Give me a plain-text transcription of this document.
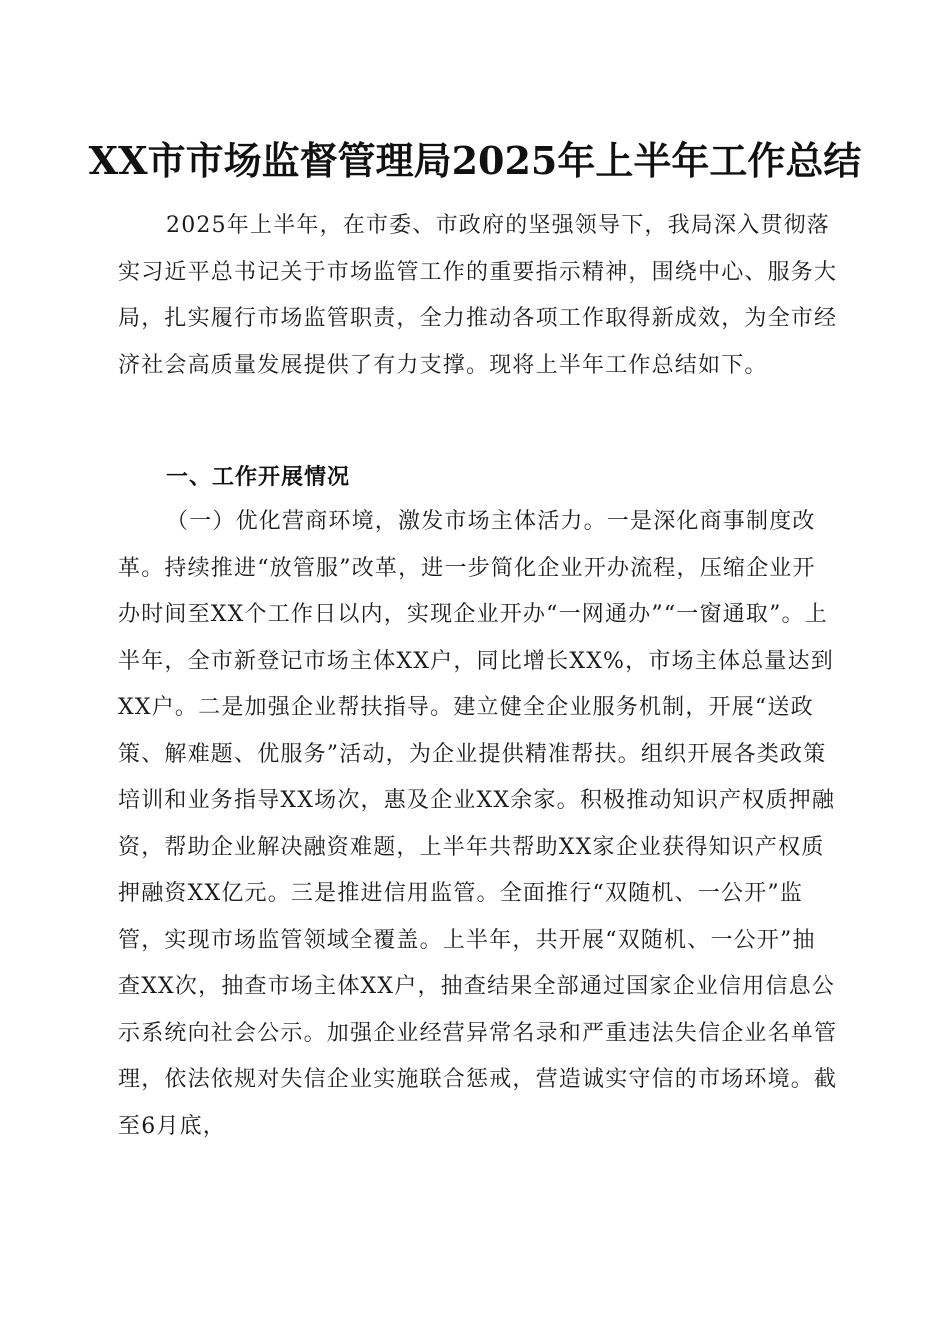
XX市市场监督管理局2025年上半年工作总结

2025年上半年，在市委、市政府的坚强领导下，我局深入贯彻落实习近平总书记关于市场监管工作的重要指示精神，围绕中心、服务大局，扎实履行市场监管职责，全力推动各项工作取得新成效，为全市经济社会高质量发展提供了有力支撑。现将上半年工作总结如下。

一、工作开展情况

（一）优化营商环境，激发市场主体活力。一是深化商事制度改革。持续推进“放管服”改革，进一步简化企业开办流程，压缩企业开办时间至XX个工作日以内，实现企业开办“一网通办”“一窗通取”。上半年，全市新登记市场主体XX户，同比增长XX%，市场主体总量达到XX户。二是加强企业帮扶指导。建立健全企业服务机制，开展“送政策、解难题、优服务”活动，为企业提供精准帮扶。组织开展各类政策培训和业务指导XX场次，惠及企业XX余家。积极推动知识产权质押融资，帮助企业解决融资难题，上半年共帮助XX家企业获得知识产权质押融资XX亿元。三是推进信用监管。全面推行“双随机、一公开”监管，实现市场监管领域全覆盖。上半年，共开展“双随机、一公开”抽查XX次，抽查市场主体XX户，抽查结果全部通过国家企业信用信息公示系统向社会公示。加强企业经营异常名录和严重违法失信企业名单管理，依法依规对失信企业实施联合惩戒，营造诚实守信的市场环境。截至6月底，
